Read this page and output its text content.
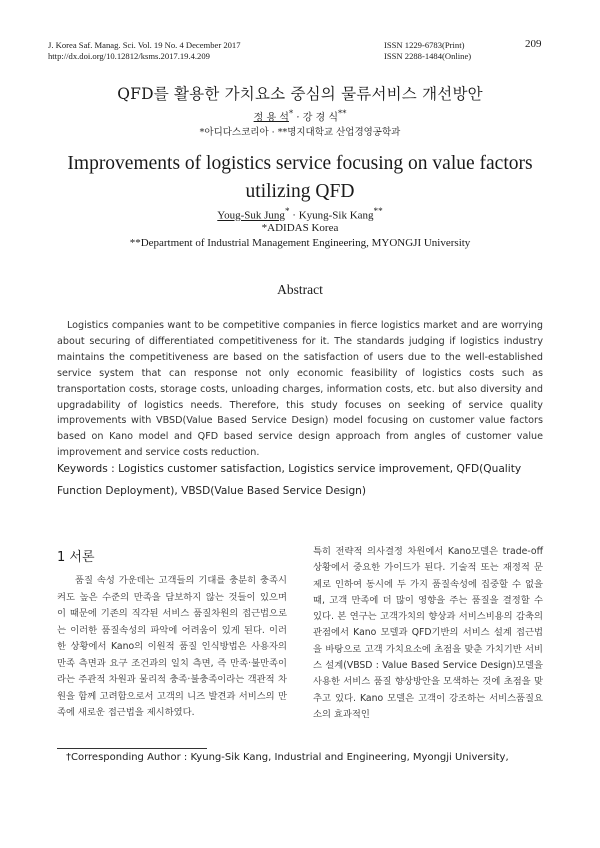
J. Korea Saf. Manag. Sci. Vol. 19 No. 4 December 2017
http://dx.doi.org/10.12812/ksms.2017.19.4.209
ISSN 1229-6783(Print)
ISSN 2288-1484(Online)
209
QFD를 활용한 가치요소 중심의 물류서비스 개선방안
정 용 석* · 강 경 식**
*아디다스코리아 · **명지대학교 산업경영공학과
Improvements of logistics service focusing on value factors utilizing QFD
Youg-Suk Jung* · Kyung-Sik Kang**
*ADIDAS Korea
**Department of Industrial Management Engineering, MYONGJI University
Abstract
Logistics companies want to be competitive companies in fierce logistics market and are worrying about securing of differentiated competitiveness for it. The standards judging if logistics industry maintains the competitiveness are based on the satisfaction of users due to the well-established service system that can response not only economic feasibility of logistics costs such as transportation costs, storage costs, unloading charges, information costs, etc. but also diversity and upgradability of logistics needs. Therefore, this study focuses on seeking of service quality improvements with VBSD(Value Based Service Design) model focusing on customer value factors based on Kano model and QFD based service design approach from angles of customer value improvement and service costs reduction.
Keywords : Logistics customer satisfaction, Logistics service improvement, QFD(Quality Function Deployment), VBSD(Value Based Service Design)
1 서론
품질 속성 가운데는 고객들의 기대를 충분히 충족시켜도 높은 수준의 만족을 담보하지 않는 것들이 있으며 이 때문에 기존의 직각된 서비스 품질차원의 접근법으로는 이러한 품질속성의 파악에 어려움이 있게 된다. 이러한 상황에서 Kano의 이원적 품질 인식방법은 사용자의 만족 측면과 요구 조건과의 일치 측면, 즉 만족·불만족이라는 주관적 차원과 물리적 충족·불충족이라는 객관적 차원을 함께 고려함으로서 고객의 니즈 발견과 서비스의 만족에 새로운 접근법을 제시하였다.
특히 전략적 의사결정 차원에서 Kano모델은 trade-off 상황에서 중요한 가이드가 된다. 기술적 또는 재정적 문제로 인하여 동시에 두 가지 품질속성에 집중할 수 없을 때, 고객 만족에 더 많이 영향을 주는 품질을 결정할 수 있다. 본 연구는 고객가치의 향상과 서비스비용의 감축의 관점에서 Kano 모델과 QFD기반의 서비스 설계 접근법을 바탕으로 고객 가치요소에 초점을 맞춘 가치기반 서비스 설계(VBSD : Value Based Service Design)모델을 사용한 서비스 품질 향상방안을 모색하는 것에 초점을 맞추고 있다. Kano 모델은 고객이 강조하는 서비스품질요소의 효과적인
†Corresponding Author : Kyung-Sik Kang, Industrial and Engineering, Myongji University,
